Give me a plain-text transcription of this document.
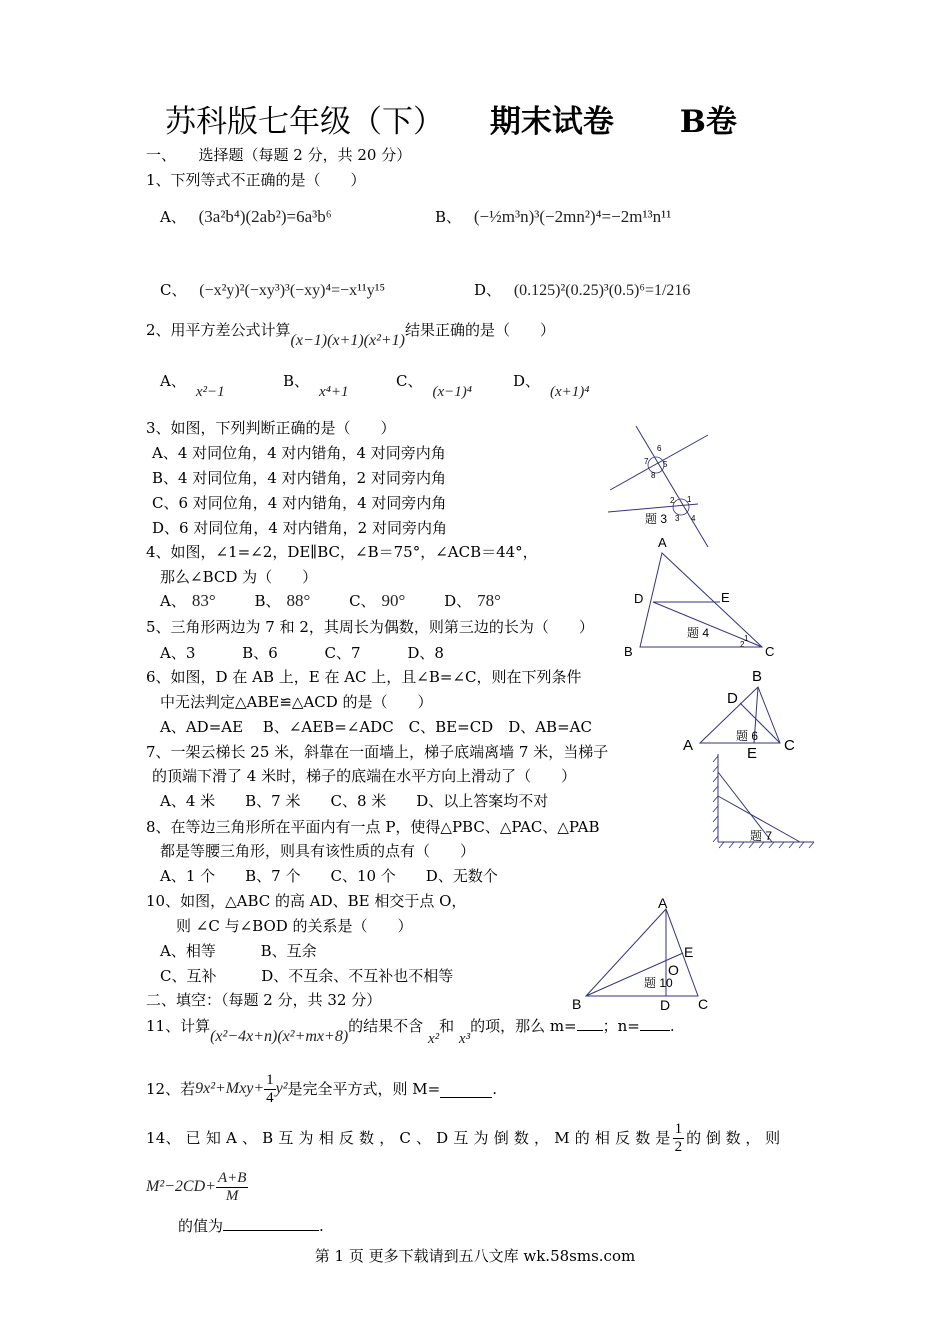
苏科版七年级（下） 期末试卷 B卷
一、　　选择题（每题 2 分，共 20 分）
1、下列等式不正确的是（　　）
A、 (3a²b⁴)(2ab²)=6a³b⁶	B、 (−½m³n)³(−2mn²)⁴=−2m¹³n¹¹
C、 (−x²y)²(−xy³)³(−xy)⁴=−x¹¹y¹⁵	D、 (0.125)²(0.25)³(0.5)⁶=1/216
2、用平方差公式计算(x−1)(x+1)(x²+1)结果正确的是（　　）
A、x²−1
B、x⁴+1
C、(x−1)⁴
D、(x+1)⁴
3、如图，下列判断正确的是（　　）
A、4 对同位角，4 对内错角，4 对同旁内角
B、4 对同位角，4 对内错角，2 对同旁内角
C、6 对同位角，4 对内错角，4 对同旁内角
D、6 对同位角，4 对内错角，2 对同旁内角
6
7 5
8
2 1
3 4
题 3
4、如图，∠1=∠2，DE∥BC，∠B＝75°，∠ACB＝44°，
那么∠BCD 为（　　）
A、 83°	B、 88°	C、 90°	D、 78°
A
D	E
B	C
1
2
题 4
5、三角形两边为 7 和 2，其周长为偶数，则第三边的长为（　　）
A、3	B、6	C、7	D、8
6、如图，D 在 AB 上，E 在 AC 上，且∠B=∠C，则在下列条件
中无法判定△ABE≌△ACD 的是（　　）
A、AD=AE　 B、∠AEB=∠ADC　C、BE=CD　D、AB=AC
B
D
A	E C
题 6
7、一架云梯长 25 米，斜靠在一面墙上，梯子底端离墙 7 米，当梯子
的顶端下滑了 4 米时，梯子的底端在水平方向上滑动了（　　）
A、4 米　　B、7 米　　C、8 米　　D、以上答案均不对
题 7
8、在等边三角形所在平面内有一点 P，使得△PBC、△PAC、△PAB
都是等腰三角形，则具有该性质的点有（　　）
A、1 个　　B、7 个　　C、10 个　　D、无数个
10、如图，△ABC 的高 AD、BE 相交于点 O，
则 ∠C 与∠BOD 的关系是（　　）
A、相等	B、互余
C、互补	D、不互余、不互补也不相等
A
E
O
B	D C
题 10
二、填空：（每题 2 分，共 32 分）
11、计算(x²−4x+n)(x²+mx+8)的结果不含 x²和 x³的项，那么 m= ；n= .
12、若 $9x^2+Mxy+ \frac{1}{4} y^2$ 是完全平方式，则 M=	.
14、 已 知 A 、 B 互 为 相 反 数 ， C 、 D 互 为 倒 数 ， M 的 相 反 数 是 $\frac{1}{2}$ 的 倒 数 ， 则
$M^2-2CD+ \frac{A+B}{M}$
的值为	.
第 1 页 更多下载请到五八文库 wk.58sms.com
